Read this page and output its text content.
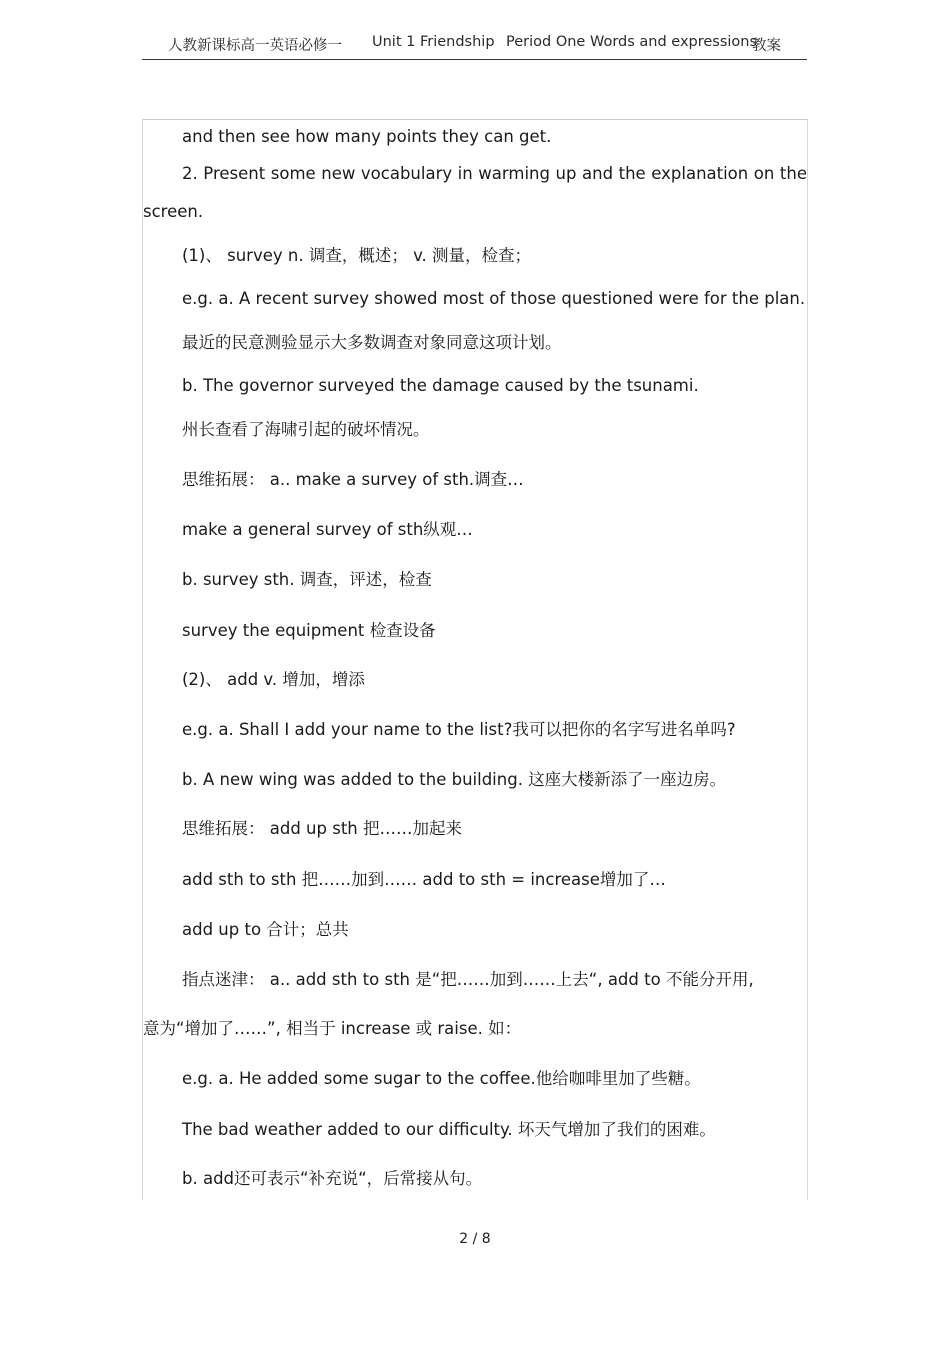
人教新课标高一英语必修一 Unit 1 Friendship Period One Words and expressions
教案
and then see how many points they can get.
2. Present some new vocabulary in warming up and the explanation on the
screen.
(1)、 survey n. 调查，概述； v. 测量，检查；
e.g. a. A recent survey showed most of those questioned were for the plan.
最近的民意测验显示大多数调查对象同意这项计划。
b. The governor surveyed the damage caused by the tsunami.
州长查看了海啸引起的破坏情况。
思维拓展： a.. make a survey of sth.调查…
make a general survey of sth纵观…
b. survey sth. 调查，评述，检查
survey the equipment 检查设备
(2)、 add v. 增加，增添
e.g. a. Shall I add your name to the list?我可以把你的名字写进名单吗?
b. A new wing was added to the building. 这座大楼新添了一座边房。
思维拓展： add up sth 把……加起来
add sth to sth 把……加到…… add to sth = increase增加了…
add up to 合计；总共
指点迷津： a.. add sth to sth 是“把……加到……上去“, add to 不能分开用,
意为“增加了……”, 相当于 increase 或 raise. 如：
e.g. a. He added some sugar to the coffee.他给咖啡里加了些糖。
The bad weather added to our difficulty. 坏天气增加了我们的困难。
b. add还可表示“补充说“，后常接从句。
2 / 8
